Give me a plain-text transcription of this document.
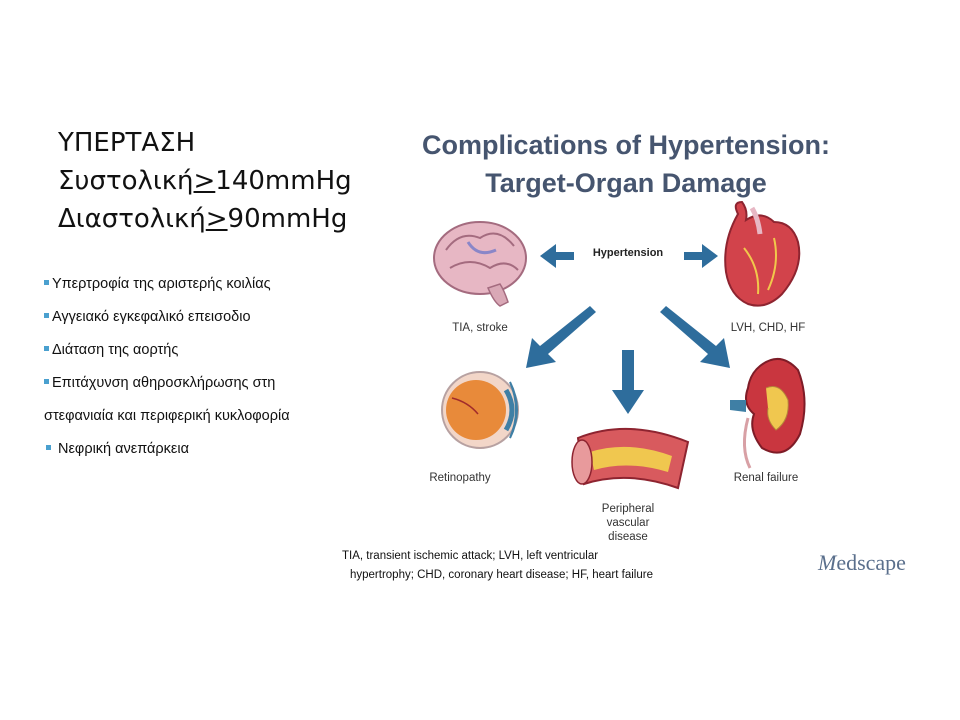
ΥΠΕΡΤΑΣΗ
Συστολική≥140mmHg
Διαστολική≥90mmHg
Υπερτροφία της αριστερής κοιλίας
Αγγειακό εγκεφαλικό επεισοδιο
Διάταση της αορτής
Επιτάχυνση αθηροσκλήρωσης στη
στεφανιαία και περιφερική κυκλοφορία
Νεφρική ανεπάρκεια
Complications of Hypertension:
Target-Organ Damage
Hypertension
TIA, stroke	LVH, CHD, HF
Retinopathy
Peripheral
vascular
disease
Renal failure
TIA, transient ischemic attack; LVH, left ventricular
hypertrophy; CHD, coronary heart disease; HF, heart failure	Medscape
